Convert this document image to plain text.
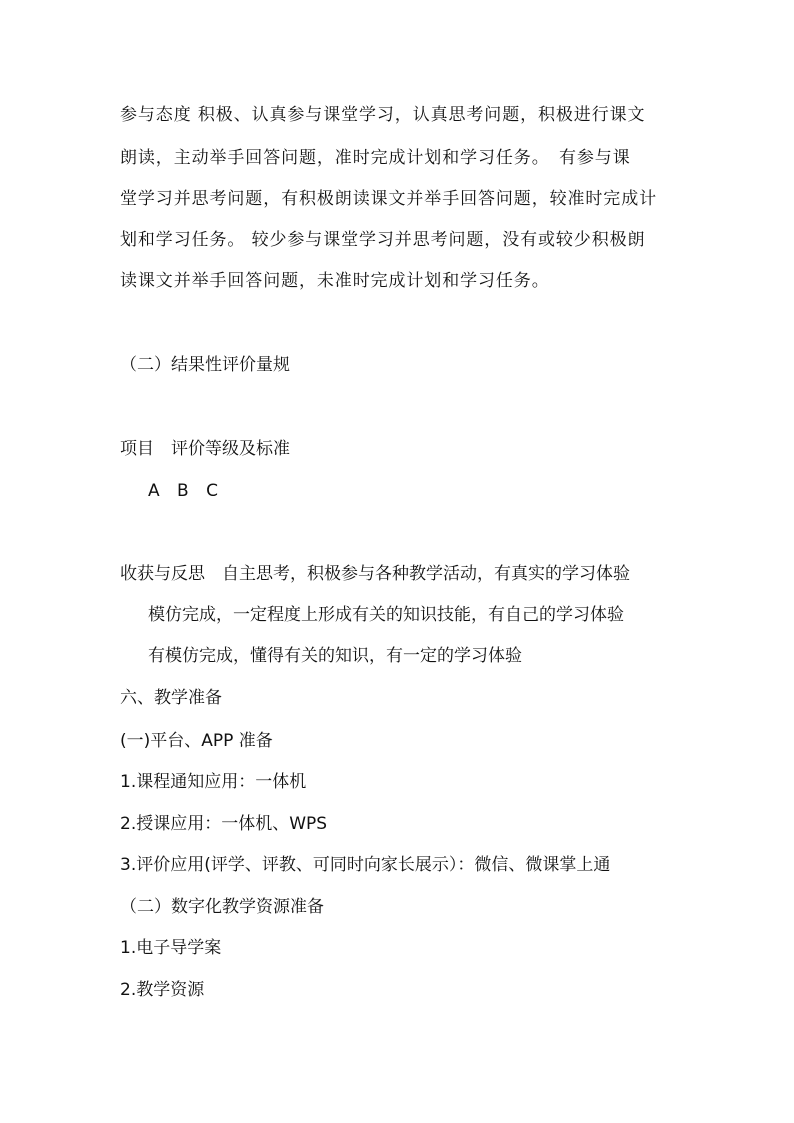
参与态度 积极、认真参与课堂学习，认真思考问题，积极进行课文
朗读，主动举手回答问题，准时完成计划和学习任务。　有参与课
堂学习并思考问题，有积极朗读课文并举手回答问题，较准时完成计
划和学习任务。 较少参与课堂学习并思考问题，没有或较少积极朗
读课文并举手回答问题，未准时完成计划和学习任务。
（二）结果性评价量规
项目　评价等级及标准
A B C
收获与反思　自主思考，积极参与各种教学活动，有真实的学习体验
模仿完成，一定程度上形成有关的知识技能，有自己的学习体验
有模仿完成，懂得有关的知识，有一定的学习体验
六、教学准备
(一)平台、APP 准备
1.课程通知应用：一体机
2.授课应用：一体机、WPS
3.评价应用(评学、评教、可同时向家长展示）：微信、微课掌上通
（二）数字化教学资源准备
1.电子导学案
2.教学资源
